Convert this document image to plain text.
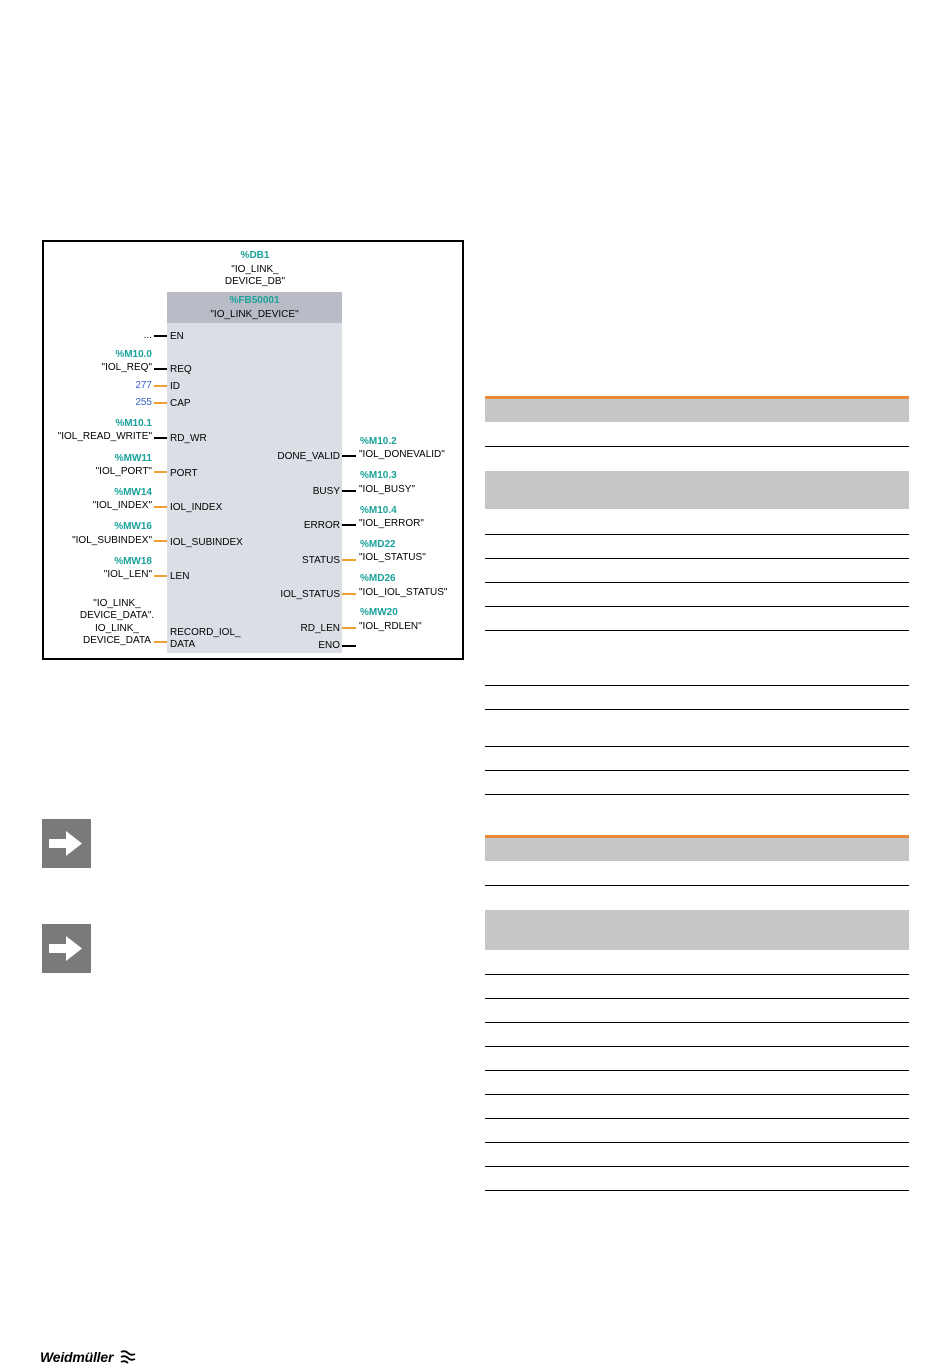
%DB1
"IO_LINK_
DEVICE_DB"
%FB50001
"IO_LINK_DEVICE"
... EN
%M10.0
"IOL_REQ" REQ
277 ID
255 CAP
%M10.1
"IOL_READ_WRITE" RD_WR
%MW11
"IOL_PORT" PORT
%MW14
"IOL_INDEX" IOL_INDEX
%MW16
"IOL_SUBINDEX" IOL_SUBINDEX
%MW18
"IOL_LEN" LEN
"IO_LINK_
DEVICE_DATA".
IO_LINK_
DEVICE_DATA
RECORD_IOL_
DATA
DONE_VALID
%M10.2
"IOL_DONEVALID"
BUSY
%M10.3
"IOL_BUSY"
ERROR
%M10.4
"IOL_ERROR"
STATUS
%MD22
"IOL_STATUS"
IOL_STATUS
%MD26
"IOL_IOL_STATUS"
RD_LEN
%MW20
"IOL_RDLEN"
ENO
Weidmüller
